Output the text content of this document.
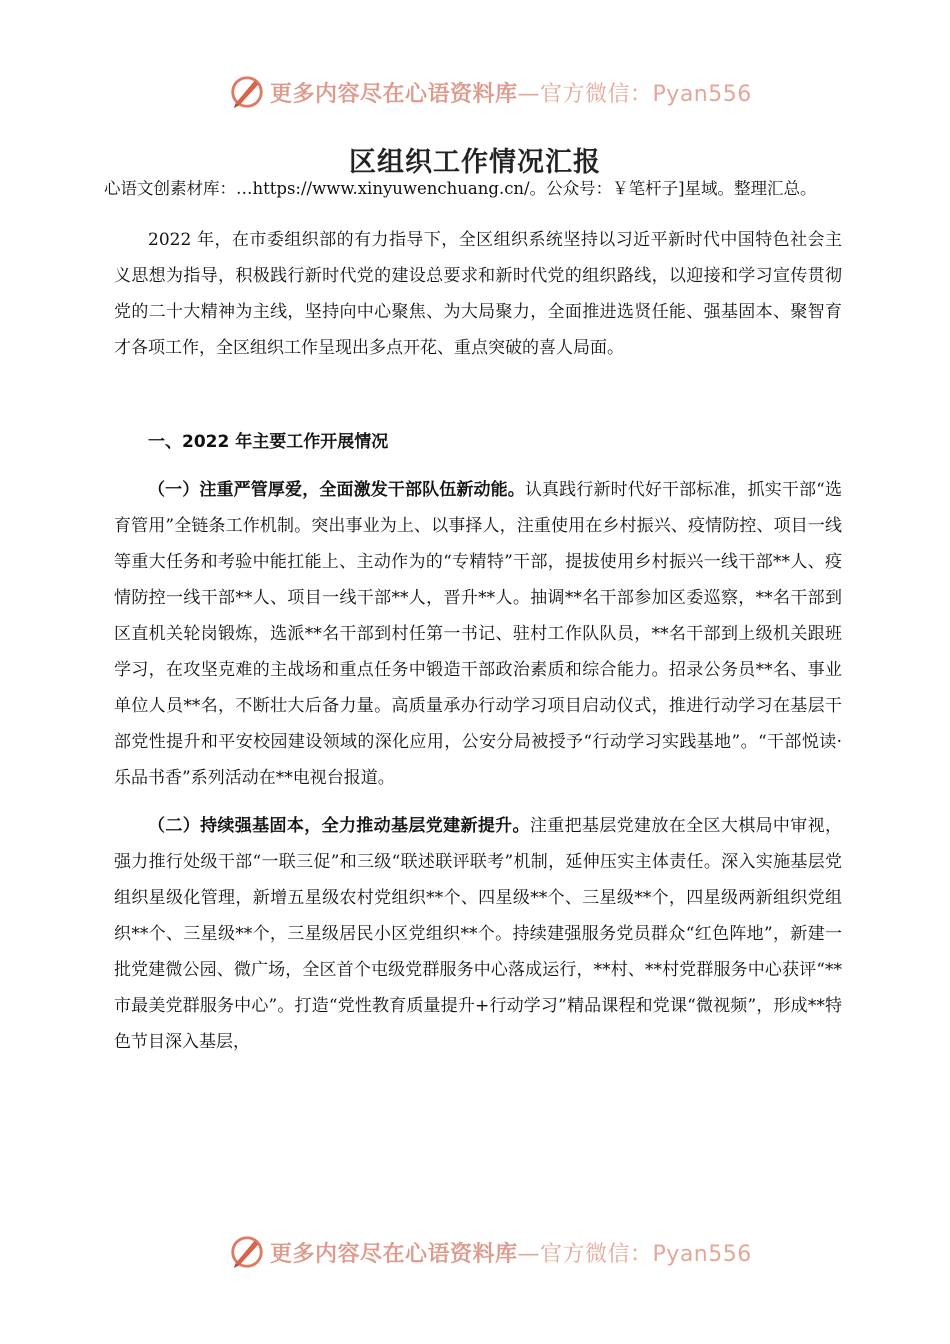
更多内容尽在心语资料库—官方微信：Pyan556
区组织工作情况汇报
心语文创素材库：…https://www.xinyuwenchuang.cn/。公众号：￥笔杆子]星域。整理汇总。

2022 年，在市委组织部的有力指导下，全区组织系统坚持以习近平新时代中国特色社会主义思想为指导，积极践行新时代党的建设总要求和新时代党的组织路线，以迎接和学习宣传贯彻党的二十大精神为主线，坚持向中心聚焦、为大局聚力，全面推进选贤任能、强基固本、聚智育才各项工作，全区组织工作呈现出多点开花、重点突破的喜人局面。

一、2022 年主要工作开展情况

（一）注重严管厚爱，全面激发干部队伍新动能。认真践行新时代好干部标准，抓实干部“选育管用”全链条工作机制。突出事业为上、以事择人，注重使用在乡村振兴、疫情防控、项目一线等重大任务和考验中能扛能上、主动作为的“专精特”干部，提拔使用乡村振兴一线干部**人、疫情防控一线干部**人、项目一线干部**人，晋升**人。抽调**名干部参加区委巡察，**名干部到区直机关轮岗锻炼，选派**名干部到村任第一书记、驻村工作队队员，**名干部到上级机关跟班学习，在攻坚克难的主战场和重点任务中锻造干部政治素质和综合能力。招录公务员**名、事业单位人员**名，不断壮大后备力量。高质量承办行动学习项目启动仪式，推进行动学习在基层干部党性提升和平安校园建设领域的深化应用，公安分局被授予“行动学习实践基地”。“干部悦读·乐品书香”系列活动在**电视台报道。

（二）持续强基固本，全力推动基层党建新提升。注重把基层党建放在全区大棋局中审视，强力推行处级干部“一联三促”和三级“联述联评联考”机制，延伸压实主体责任。深入实施基层党组织星级化管理，新增五星级农村党组织**个、四星级**个、三星级**个，四星级两新组织党组织**个、三星级**个，三星级居民小区党组织**个。持续建强服务党员群众“红色阵地”，新建一批党建微公园、微广场，全区首个屯级党群服务中心落成运行，**村、**村党群服务中心获评“**市最美党群服务中心”。打造“党性教育质量提升+行动学习”精品课程和党课“微视频”，形成**特色节目深入基层，

更多内容尽在心语资料库—官方微信：Pyan556
